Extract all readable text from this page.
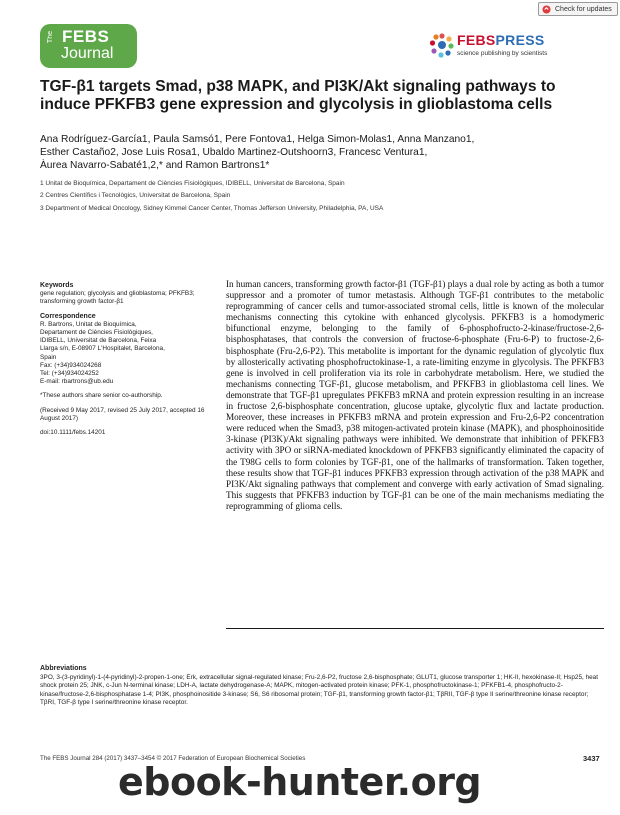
Check for updates
The FEBS
Journal
FEBSPRESS
science publishing by scientists
TGF-β1 targets Smad, p38 MAPK, and PI3K/Akt signaling pathways to induce PFKFB3 gene expression and glycolysis in glioblastoma cells
Ana Rodríguez-García1, Paula Samsó1, Pere Fontova1, Helga Simon-Molas1, Anna Manzano1,
Esther Castaño2, Jose Luis Rosa1, Ubaldo Martinez-Outshoorn3, Francesc Ventura1,
Àurea Navarro-Sabaté1,2,* and Ramon Bartrons1*
1 Unitat de Bioquímica, Departament de Ciències Fisiològiques, IDIBELL, Universitat de Barcelona, Spain
2 Centres Científics i Tecnològics, Universitat de Barcelona, Spain
3 Department of Medical Oncology, Sidney Kimmel Cancer Center, Thomas Jefferson University, Philadelphia, PA, USA
Keywords
gene regulation; glycolysis and glioblastoma; PFKFB3; transforming growth factor-β1
Correspondence
R. Bartrons, Unitat de Bioquímica,
Departament de Ciències Fisiològiques,
IDIBELL, Universitat de Barcelona, Feixa
Llarga s/n, E-08907 L'Hospitalet, Barcelona,
Spain
Fax: (+34)934024268
Tel: (+34)934024252
E-mail: rbartrons@ub.edu
*These authors share senior co-authorship.
(Received 9 May 2017, revised 25 July 2017, accepted 16 August 2017)
doi:10.1111/febs.14201
In human cancers, transforming growth factor-β1 (TGF-β1) plays a dual role by acting as both a tumor suppressor and a promoter of tumor metastasis. Although TGF-β1 contributes to the metabolic reprogramming of cancer cells and tumor-associated stromal cells, little is known of the molecular mechanisms connecting this cytokine with enhanced glycolysis. PFKFB3 is a homodymeric bifunctional enzyme, belonging to the family of 6-phosphofructo-2-kinase/fructose-2,6-bisphosphatases, that controls the conversion of fructose-6-phosphate (Fru-6-P) to fructose-2,6-bisphosphate (Fru-2,6-P2). This metabolite is important for the dynamic regulation of glycolytic flux by allosterically activating phosphofructokinase-1, a rate-limiting enzyme in glycolysis. The PFKFB3 gene is involved in cell proliferation via its role in carbohydrate metabolism. Here, we studied the mechanisms connecting TGF-β1, glucose metabolism, and PFKFB3 in glioblastoma cell lines. We demonstrate that TGF-β1 upregulates PFKFB3 mRNA and protein expression resulting in an increase in fructose 2,6-bisphosphate concentration, glucose uptake, glycolytic flux and lactate production. Moreover, these increases in PFKFB3 mRNA and protein expression and Fru-2,6-P2 concentration were reduced when the Smad3, p38 mitogen-activated protein kinase (MAPK), and phosphoinositide 3-kinase (PI3K)/Akt signaling pathways were inhibited. We demonstrate that inhibition of PFKFB3 activity with 3PO or siRNA-mediated knockdown of PFKFB3 significantly eliminated the capacity of the T98G cells to form colonies by TGF-β1, one of the hallmarks of transformation. Taken together, these results show that TGF-β1 induces PFKFB3 expression through activation of the p38 MAPK and PI3K/Akt signaling pathways that complement and converge with early activation of Smad signaling. This suggests that PFKFB3 induction by TGF-β1 can be one of the main mechanisms mediating the reprogramming of glioma cells.
Abbreviations
3PO, 3-(3-pyridinyl)-1-(4-pyridinyl)-2-propen-1-one; Erk, extracellular signal-regulated kinase; Fru-2,6-P2, fructose 2,6-bisphosphate; GLUT1, glucose transporter 1; HK-II, hexokinase-II; Hsp25, heat shock protein 25; JNK, c-Jun N-terminal kinase; LDH-A, lactate dehydrogenase-A; MAPK, mitogen-activated protein kinase; PFK-1, phosphofructokinase-1; PFKFB1-4, phosphofructo-2-kinase/fructose-2,6-bisphosphatase 1-4; PI3K, phosphoinositide 3-kinase; S6, S6 ribosomal protein; TGF-β1, transforming growth factor-β1; TβRII, TGF-β type II serine/threonine kinase receptor; TβRI, TGF-β type I serine/threonine kinase receptor.
The FEBS Journal 284 (2017) 3437–3454 © 2017 Federation of European Biochemical Societies	3437
ebook-hunter.org
